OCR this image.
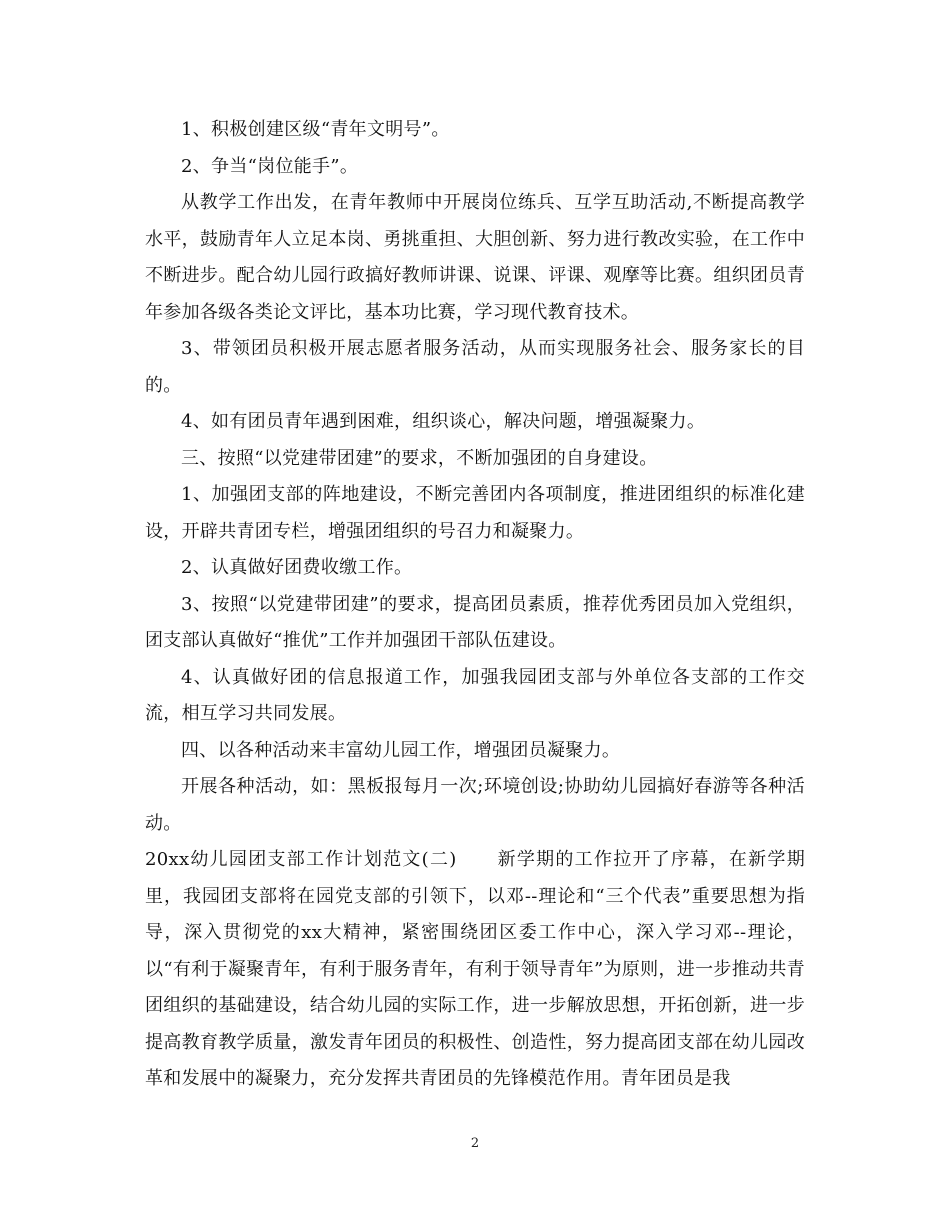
1、积极创建区级“青年文明号”。

2、争当“岗位能手”。

从教学工作出发，在青年教师中开展岗位练兵、互学互助活动,不断提高教学水平，鼓励青年人立足本岗、勇挑重担、大胆创新、努力进行教改实验，在工作中不断进步。配合幼儿园行政搞好教师讲课、说课、评课、观摩等比赛。组织团员青年参加各级各类论文评比，基本功比赛，学习现代教育技术。

3、带领团员积极开展志愿者服务活动，从而实现服务社会、服务家长的目的。

4、如有团员青年遇到困难，组织谈心，解决问题，增强凝聚力。

三、按照“以党建带团建”的要求，不断加强团的自身建设。

1、加强团支部的阵地建设，不断完善团内各项制度，推进团组织的标准化建设，开辟共青团专栏，增强团组织的号召力和凝聚力。

2、认真做好团费收缴工作。

3、按照“以党建带团建”的要求，提高团员素质，推荐优秀团员加入党组织，团支部认真做好“推优”工作并加强团干部队伍建设。

4、认真做好团的信息报道工作，加强我园团支部与外单位各支部的工作交流，相互学习共同发展。

四、以各种活动来丰富幼儿园工作，增强团员凝聚力。

开展各种活动，如：黑板报每月一次;环境创设;协助幼儿园搞好春游等各种活动。

20xx幼儿园团支部工作计划范文(二) 新学期的工作拉开了序幕，在新学期里，我园团支部将在园党支部的引领下，以邓--理论和“三个代表”重要思想为指导，深入贯彻党的xx大精神，紧密围绕团区委工作中心，深入学习邓--理论，以“有利于凝聚青年，有利于服务青年，有利于领导青年”为原则，进一步推动共青团组织的基础建设，结合幼儿园的实际工作，进一步解放思想，开拓创新，进一步提高教育教学质量，激发青年团员的积极性、创造性，努力提高团支部在幼儿园改革和发展中的凝聚力，充分发挥共青团员的先锋模范作用。青年团员是我

2
